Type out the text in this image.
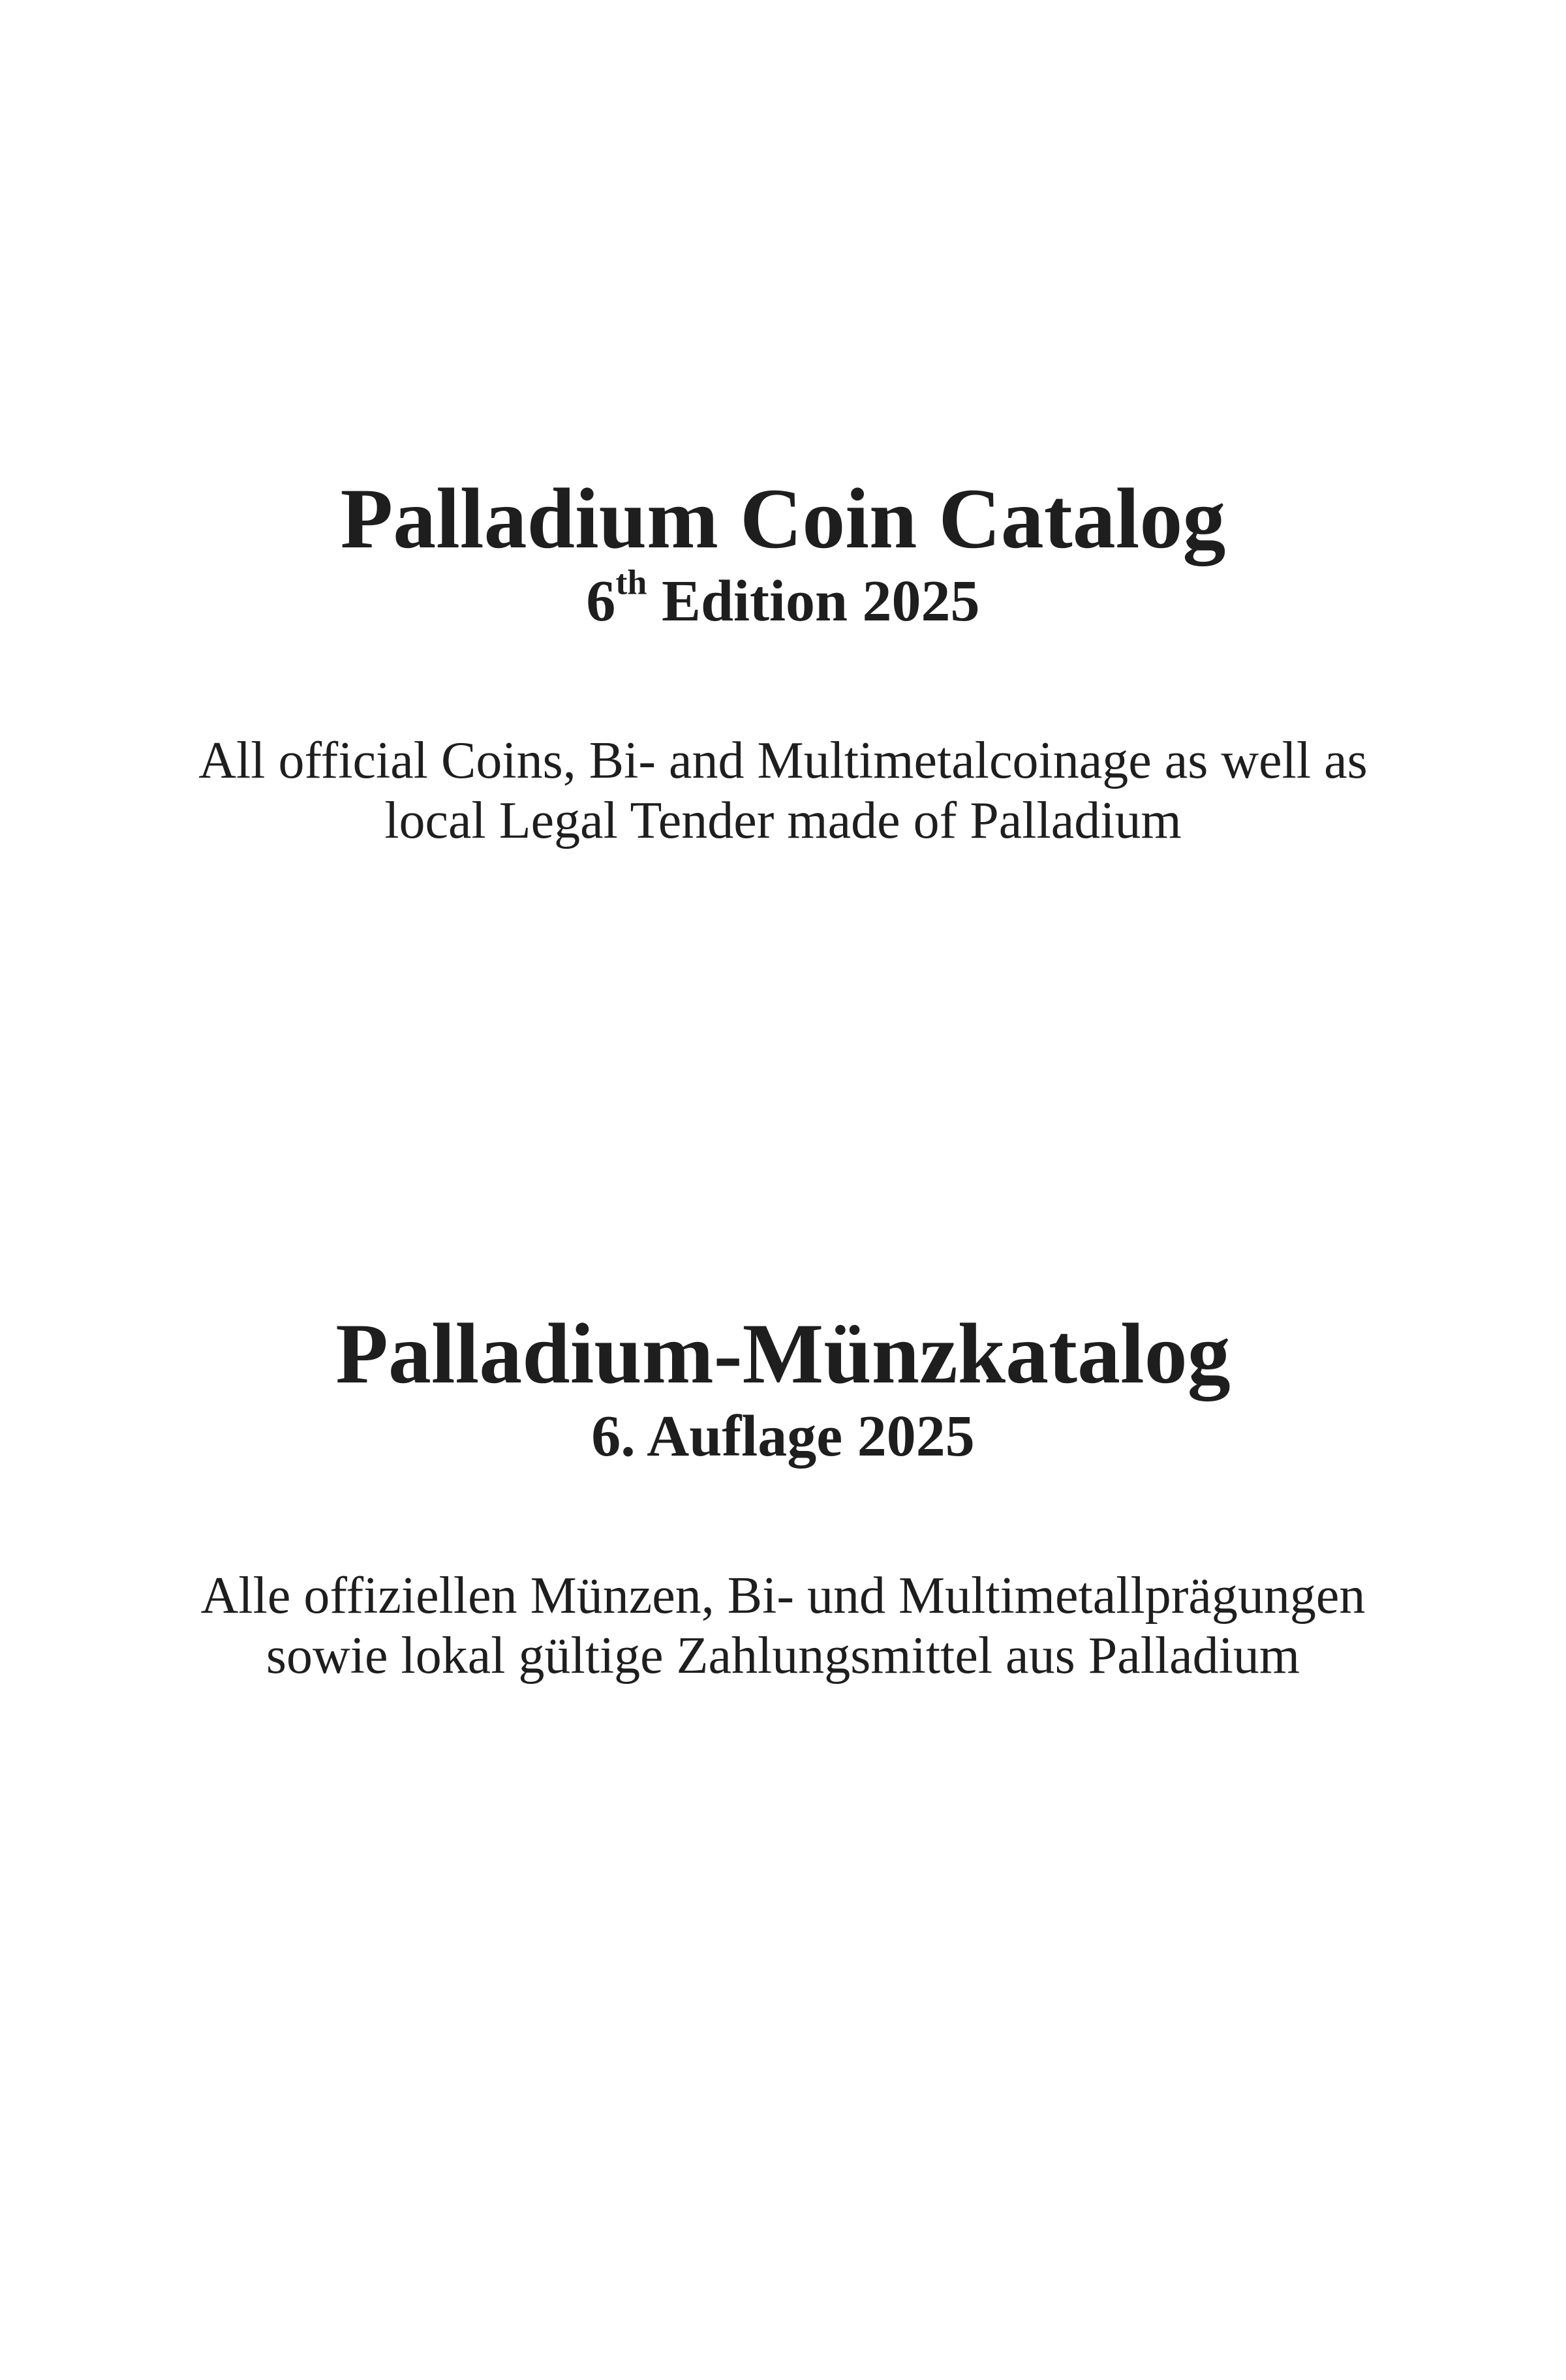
Palladium Coin Catalog

6th Edition 2025

All official Coins, Bi- and Multimetalcoinage as well as

local Legal Tender made of Palladium

Palladium-Münzkatalog

6. Auflage 2025

Alle offiziellen Münzen, Bi- und Multimetallprägungen

sowie lokal gültige Zahlungsmittel aus Palladium
